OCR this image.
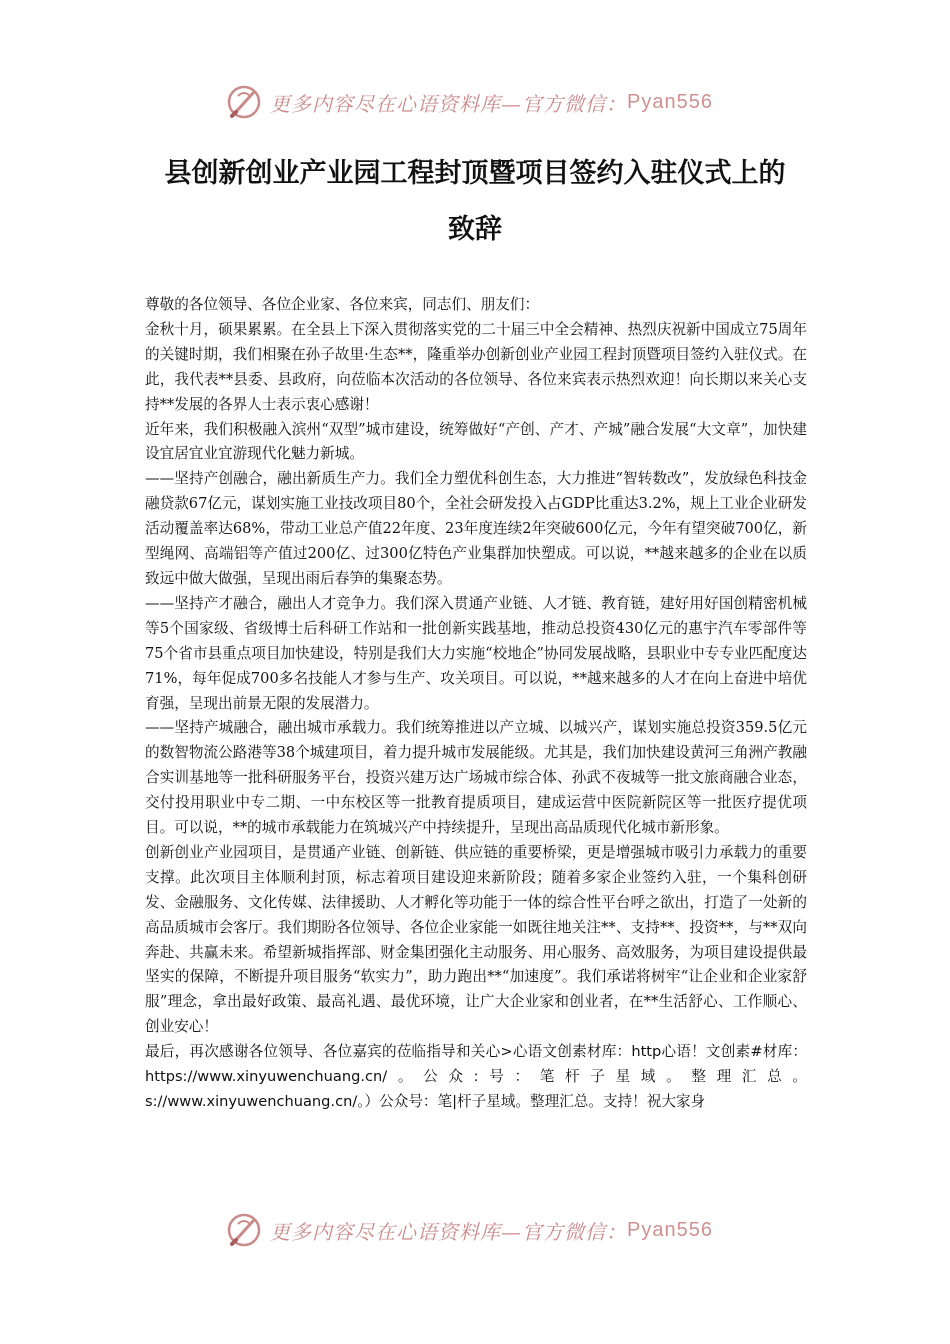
更多内容尽在心语资料库—官方微信： Pyan556
县创新创业产业园工程封顶暨项目签约入驻仪式上的
致辞

尊敬的各位领导、各位企业家、各位来宾，同志们、朋友们：

金秋十月，硕果累累。在全县上下深入贯彻落实党的二十届三中全会精神、热烈庆祝新中国成立75周年的关键时期，我们相聚在孙子故里·生态**，隆重举办创新创业产业园工程封顶暨项目签约入驻仪式。在此，我代表**县委、县政府，向莅临本次活动的各位领导、各位来宾表示热烈欢迎！向长期以来关心支持**发展的各界人士表示衷心感谢！

近年来，我们积极融入滨州“双型”城市建设，统筹做好“产创、产才、产城”融合发展“大文章”，加快建设宜居宜业宜游现代化魅力新城。

——坚持产创融合，融出新质生产力。我们全力塑优科创生态，大力推进“智转数改”，发放绿色科技金融贷款67亿元，谋划实施工业技改项目80个，全社会研发投入占GDP比重达3.2%，规上工业企业研发活动覆盖率达68%，带动工业总产值22年度、23年度连续2年突破600亿元，今年有望突破700亿，新型绳网、高端铝等产值过200亿、过300亿特色产业集群加快塑成。可以说，**越来越多的企业在以质致远中做大做强，呈现出雨后春笋的集聚态势。

——坚持产才融合，融出人才竞争力。我们深入贯通产业链、人才链、教育链，建好用好国创精密机械等5个国家级、省级博士后科研工作站和一批创新实践基地，推动总投资430亿元的惠宇汽车零部件等75个省市县重点项目加快建设，特别是我们大力实施“校地企”协同发展战略，县职业中专专业匹配度达71%，每年促成700多名技能人才参与生产、攻关项目。可以说，**越来越多的人才在向上奋进中培优育强，呈现出前景无限的发展潜力。

——坚持产城融合，融出城市承载力。我们统筹推进以产立城、以城兴产，谋划实施总投资359.5亿元的数智物流公路港等38个城建项目，着力提升城市发展能级。尤其是，我们加快建设黄河三角洲产教融合实训基地等一批科研服务平台，投资兴建万达广场城市综合体、孙武不夜城等一批文旅商融合业态，交付投用职业中专二期、一中东校区等一批教育提质项目，建成运营中医院新院区等一批医疗提优项目。可以说，**的城市承载能力在筑城兴产中持续提升，呈现出高品质现代化城市新形象。

创新创业产业园项目，是贯通产业链、创新链、供应链的重要桥梁，更是增强城市吸引力承载力的重要支撑。此次项目主体顺利封顶，标志着项目建设迎来新阶段；随着多家企业签约入驻，一个集科创研发、金融服务、文化传媒、法律援助、人才孵化等功能于一体的综合性平台呼之欲出，打造了一处新的高品质城市会客厅。我们期盼各位领导、各位企业家能一如既往地关注**、支持**、投资**，与**双向奔赴、共赢未来。希望新城指挥部、财金集团强化主动服务、用心服务、高效服务，为项目建设提供最坚实的保障，不断提升项目服务“软实力”，助力跑出**“加速度”。我们承诺将树牢“让企业和企业家舒服”理念，拿出最好政策、最高礼遇、最优环境，让广大企业家和创业者，在**生活舒心、工作顺心、创业安心！

最后，再次感谢各位领导、各位嘉宾的莅临指导和关心>心语文创素材库：http心语！文创素#材库：https://www.xinyuwenchuang.cn/。公众:号：笔杆子星域。整理汇总。s://www.xinyuwenchuang.cn/。）公众号：笔|杆子星域。整理汇总。支持！祝大家身

更多内容尽在心语资料库—官方微信： Pyan556
